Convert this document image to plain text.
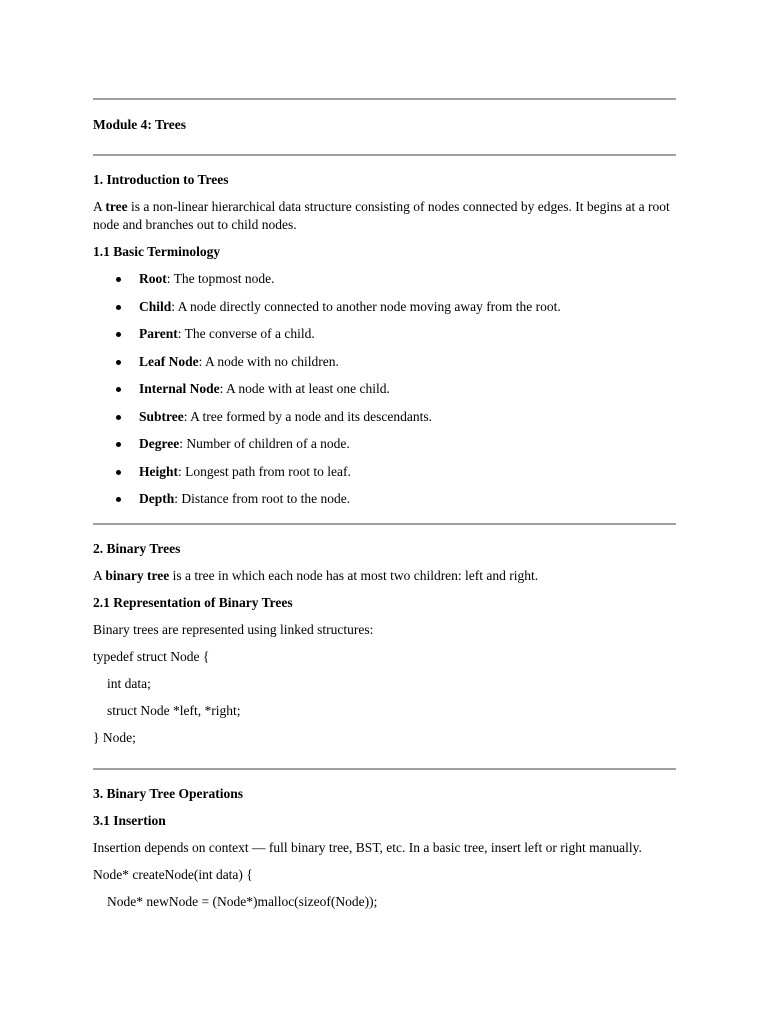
Module 4: Trees

1. Introduction to Trees

A tree is a non-linear hierarchical data structure consisting of nodes connected by edges. It begins at a root node and branches out to child nodes.

1.1 Basic Terminology

Root: The topmost node.
Child: A node directly connected to another node moving away from the root.
Parent: The converse of a child.
Leaf Node: A node with no children.
Internal Node: A node with at least one child.
Subtree: A tree formed by a node and its descendants.
Degree: Number of children of a node.
Height: Longest path from root to leaf.
Depth: Distance from root to the node.

2. Binary Trees

A binary tree is a tree in which each node has at most two children: left and right.

2.1 Representation of Binary Trees

Binary trees are represented using linked structures:

typedef struct Node {

int data;

struct Node *left, *right;

} Node;

3. Binary Tree Operations

3.1 Insertion

Insertion depends on context — full binary tree, BST, etc. In a basic tree, insert left or right manually.

Node* createNode(int data) {

Node* newNode = (Node*)malloc(sizeof(Node));
